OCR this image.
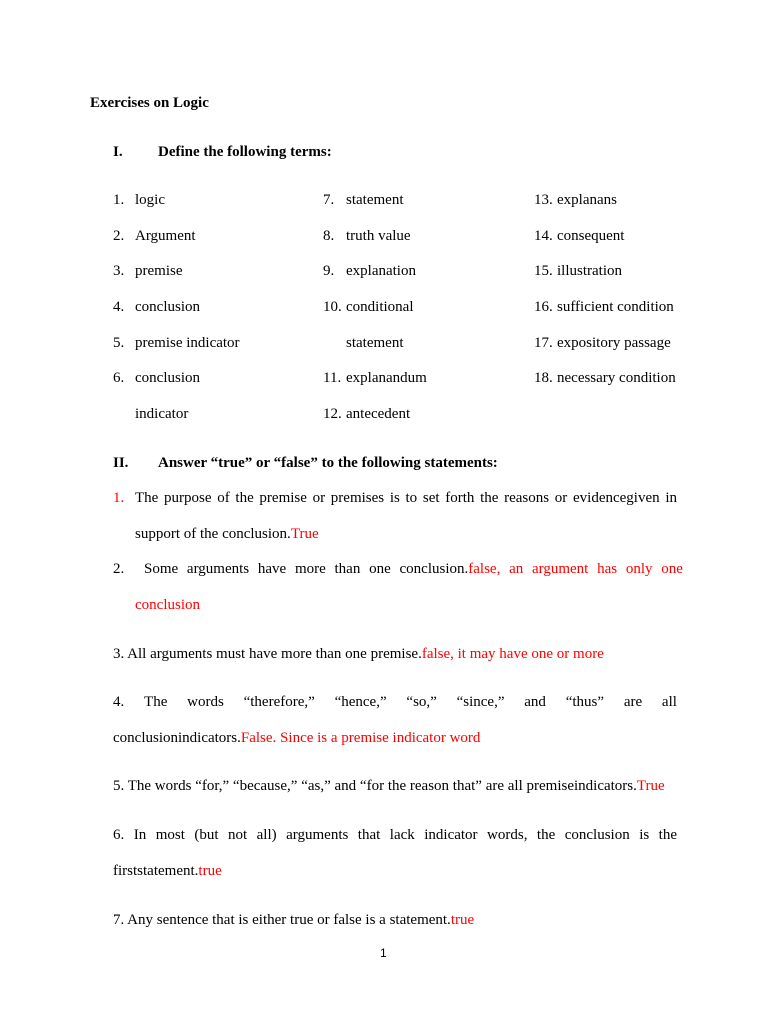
Exercises on Logic
I. Define the following terms:
1. logic
2. Argument
3. premise
4. conclusion
5. premise indicator
6. conclusion
indicator
7. statement
8. truth value
9. explanation
10. conditional
statement
11. explanandum
12. antecedent
13. explanans
14. consequent
15. illustration
16. sufficient condition
17. expository passage
18. necessary condition
II. Answer “true” or “false” to the following statements:
1. The purpose of the premise or premises is to set forth the reasons or evidencegiven in
support of the conclusion.True
2. Some arguments have more than one conclusion. false, an argument has only one
conclusion
3. All arguments must have more than one premise.false, it may have one or more
4. The words “therefore,” “hence,” “so,” “since,” and “thus” are all
conclusionindicators.False. Since is a premise indicator word
5. The words “for,” “because,” “as,” and “for the reason that” are all premiseindicators.True
6. In most (but not all) arguments that lack indicator words, the conclusion is the
firststatement.true
7. Any sentence that is either true or false is a statement.true
1
